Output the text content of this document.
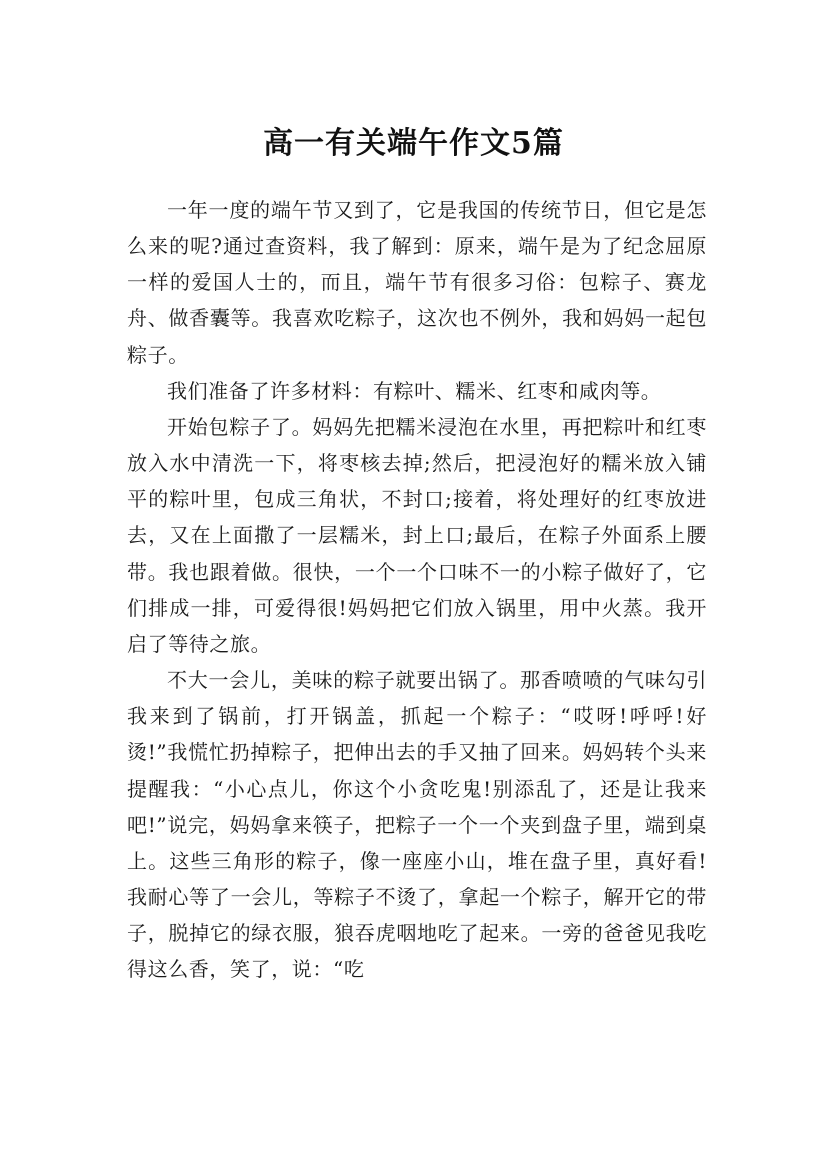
高一有关端午作文5篇

一年一度的端午节又到了，它是我国的传统节日，但它是怎么来的呢?通过查资料，我了解到：原来，端午是为了纪念屈原一样的爱国人士的，而且，端午节有很多习俗：包粽子、赛龙舟、做香囊等。我喜欢吃粽子，这次也不例外，我和妈妈一起包粽子。

我们准备了许多材料：有粽叶、糯米、红枣和咸肉等。

开始包粽子了。妈妈先把糯米浸泡在水里，再把粽叶和红枣放入水中清洗一下，将枣核去掉;然后，把浸泡好的糯米放入铺平的粽叶里，包成三角状，不封口;接着，将处理好的红枣放进去，又在上面撒了一层糯米，封上口;最后，在粽子外面系上腰带。我也跟着做。很快，一个一个口味不一的小粽子做好了，它们排成一排，可爱得很!妈妈把它们放入锅里，用中火蒸。我开启了等待之旅。

不大一会儿，美味的粽子就要出锅了。那香喷喷的气味勾引我来到了锅前，打开锅盖，抓起一个粽子：“哎呀!呼呼!好烫!”我慌忙扔掉粽子，把伸出去的手又抽了回来。妈妈转个头来提醒我：“小心点儿，你这个小贪吃鬼!别添乱了，还是让我来吧!”说完，妈妈拿来筷子，把粽子一个一个夹到盘子里，端到桌上。这些三角形的粽子，像一座座小山，堆在盘子里，真好看!我耐心等了一会儿，等粽子不烫了，拿起一个粽子，解开它的带子，脱掉它的绿衣服，狼吞虎咽地吃了起来。一旁的爸爸见我吃得这么香，笑了，说：“吃
